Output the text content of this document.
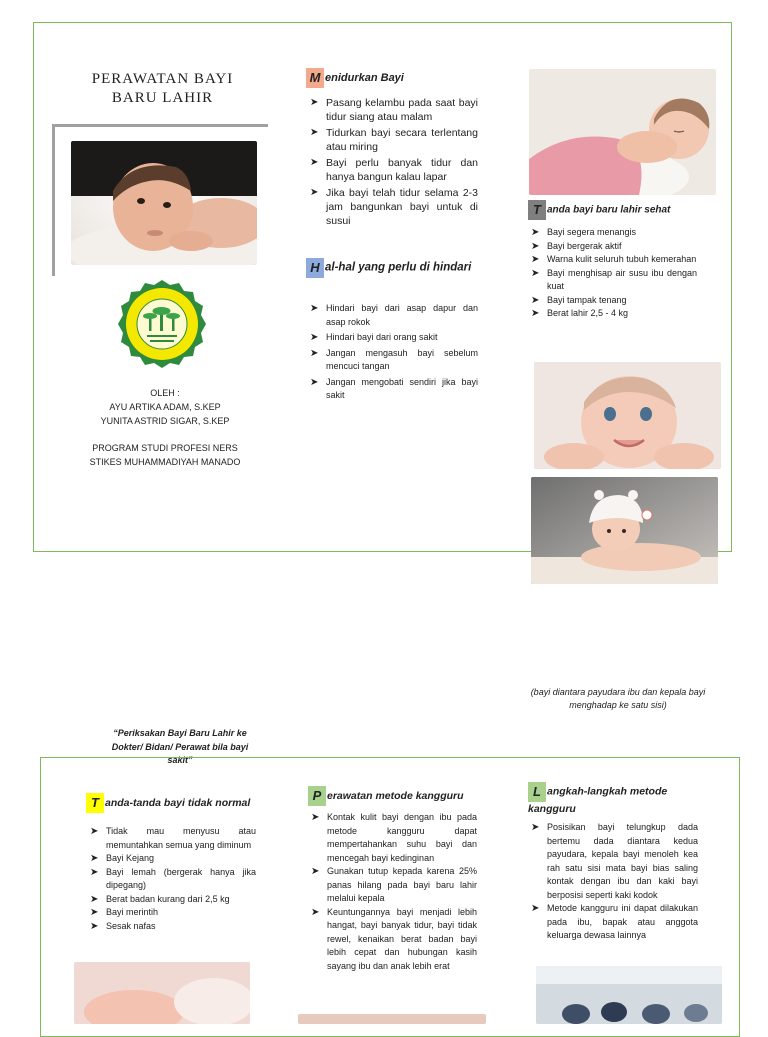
PERAWATAN BAYI
BARU LAHIR
OLEH :
AYU ARTIKA ADAM, S.KEP
YUNITA ASTRID SIGAR, S.KEP
PROGRAM STUDI PROFESI NERS
STIKES MUHAMMADIYAH MANADO
M enidurkan Bayi
➤ Pasang kelambu pada saat bayi tidur siang atau malam
➤ Tidurkan bayi secara terlentang atau miring
➤ Bayi perlu banyak tidur dan hanya bangun kalau lapar
➤ Jika bayi telah tidur selama 2-3 jam bangunkan bayi untuk di susui
H al-hal yang perlu di hindari
➤ Hindari bayi dari asap dapur dan asap rokok
➤ Hindari bayi dari orang sakit
➤ Jangan mengasuh bayi sebelum mencuci tangan
➤ Jangan mengobati sendiri jika bayi sakit
T anda bayi baru lahir sehat
➤ Bayi segera menangis
➤ Bayi bergerak aktif
➤ Warna kulit seluruh tubuh kemerahan
➤ Bayi menghisap air susu ibu dengan kuat
➤ Bayi tampak tenang
➤ Berat lahir 2,5 - 4 kg
(bayi diantara payudara ibu dan kepala bayi menghadap ke satu sisi)
“Periksakan Bayi Baru Lahir ke Dokter/ Bidan/ Perawat bila bayi sakit”
T anda-tanda bayi tidak normal
➤ Tidak mau menyusu atau memuntahkan semua yang diminum
➤ Bayi Kejang
➤ Bayi lemah (bergerak hanya jika dipegang)
➤ Berat badan kurang dari 2,5 kg
➤ Bayi merintih
➤ Sesak nafas
P erawatan metode kangguru
➤ Kontak kulit bayi dengan ibu pada metode kangguru dapat mempertahankan suhu bayi dan mencegah bayi kedinginan
➤ Gunakan tutup kepada karena 25% panas hilang pada bayi baru lahir melalui kepala
➤ Keuntungannya bayi menjadi lebih hangat, bayi banyak tidur, bayi tidak rewel, kenaikan berat badan bayi lebih cepat dan hubungan kasih sayang ibu dan anak lebih erat
L angkah-langkah metode kangguru
➤ Posisikan bayi telungkup dada bertemu dada diantara kedua payudara, kepala bayi menoleh kea rah satu sisi mata bayi bias saling kontak dengan ibu dan kaki bayi berposisi seperti kaki kodok
➤ Metode kangguru ini dapat dilakukan pada ibu, bapak atau anggota keluarga dewasa lainnya
